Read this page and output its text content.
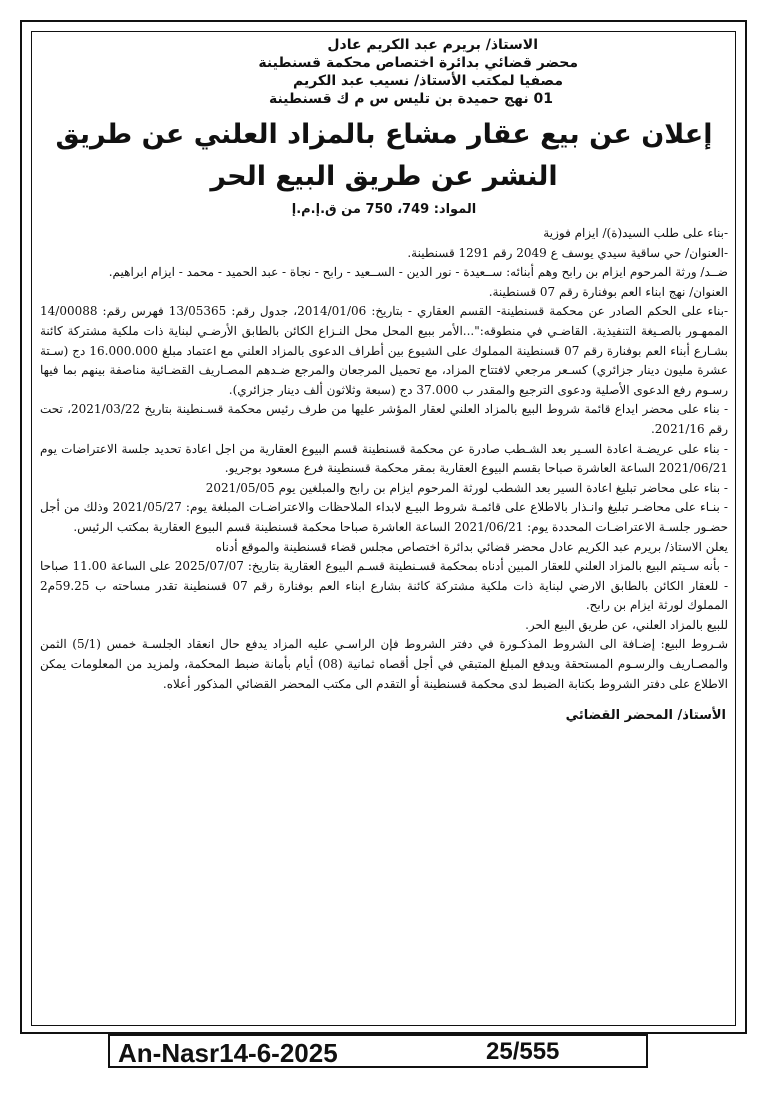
الاستاذ/ بريرم عبد الكريم عادل
محضر قضائي بدائرة اختصاص محكمة قسنطينة
مصفيا لمكتب الأستاذ/ نسيب عبد الكريم
01 نهج حميدة بن تليس س م ك قسنطينة
إعلان عن بيع عقار مشاع بالمزاد العلني عن طريق النشر عن طريق البيع الحر
المواد: 749، 750 من ق.إ.م.إ

-بناء على طلب السيد(ة)/ ايزام فوزية

-العنوان/ حي ساقية سيدي يوسف ع 2049 رقم 1291 قسنطينة.

ضــد/ ورثة المرحوم ايزام بن رابح وهم أبنائه: ســعيدة - نور الدين - الســعيد - رابح - نجاة - عبد الحميد - محمد - ايزام ابراهيم.

العنوان/ نهج ابناء العم بوفنارة رقم 07 قسنطينة.

-بناء على الحكم الصادر عن محكمة قسنطينة- القسم العقاري - بتاريخ: 2014/01/06، جدول رقم: 13/05365 فهرس رقم: 14/00088 الممهـور بالصـيغة التنفيذية. القاضـي في منطوقه:"...الأمر ببيع المحل محل النـزاع الكائن بالطابق الأرضـي لبناية ذات ملكية مشتركة كائنة بشـارع أبناء العم بوفنارة رقم 07 قسنطينة المملوك على الشيوع بين أطراف الدعوى بالمزاد العلني مع اعتماد مبلغ 16.000.000 دج (سـتة عشرة مليون دينار جزائري) كسـعر مرجعي لافتتاح المزاد، مع تحميل المرجعان والمرجع ضـدهم المصـاريف القضـائية مناصفة بينهم بما فيها رسـوم رفع الدعوى الأصلية ودعوى الترجيع والمقدر ب 37.000 دج (سبعة وثلاثون ألف دينار جزائري).

- بناء على محضر ايداع قائمة شروط البيع بالمزاد العلني لعقار المؤشر عليها من طرف رئيس محكمة قسـنطينة بتاريخ 2021/03/22، تحت رقم 2021/16.

- بناء على عريضـة اعادة السـير بعد الشـطب صادرة عن محكمة قسنطينة قسم البيوع العقارية من اجل اعادة تحديد جلسة الاعتراضات يوم 2021/06/21 الساعة العاشرة صباحا بقسم البيوع العقارية بمقر محكمة قسنطينة فرع مسعود بوجريو.

- بناء على محاضر تبليغ اعادة السير بعد الشطب لورثة المرحوم ايزام بن رابح والمبلغين يوم 2021/05/05

- بنـاء على محاضـر تبليغ وانـذار بالاطلاع على قائمـة شروط البيـع لابداء الملاحظات والاعتراضـات المبلغة يوم: 2021/05/27 وذلك من أجل حضـور جلسـة الاعتراضـات المحددة يوم: 2021/06/21 الساعة العاشرة صباحا محكمة قسنطينة قسم البيوع العقارية بمكتب الرئيس.

يعلن الاستاذ/ بريرم عبد الكريم عادل محضر قضائي بدائرة اختصاص مجلس قضاء قسنطينة والموقع أدناه

- بأنه سـيتم البيع بالمزاد العلني للعقار المبين أدناه بمحكمة قسـنطينة قسـم البيوع العقارية بتاريخ: 2025/07/07 على الساعة 11.00 صباحا - للعقار الكائن بالطابق الارضي لبناية ذات ملكية مشتركة كائنة بشارع ابناء العم بوفنارة رقم 07 قسنطينة تقدر مساحته ب 59.25م2 المملوك لورثة ايزام بن رابح.

للبيع بالمزاد العلني، عن طريق البيع الحر.

شـروط البيع: إضـافة الى الشروط المذكـورة في دفتر الشروط فإن الراسـي عليه المزاد يدفع حال انعقاد الجلسـة خمس (5/1) الثمن والمصـاريف والرسـوم المستحقة ويدفع المبلغ المتبقي في أجل أقصاه ثمانية (08) أيام بأمانة ضبط المحكمة، ولمزيد من المعلومات يمكن الاطلاع على دفتر الشروط بكتابة الضبط لدى محكمة قسنطينة أو التقدم الى مكتب المحضر القضائي المذكور أعلاه.

الأستاذ/ المحضر القضائي
An-Nasr14-6-2025	25/555
